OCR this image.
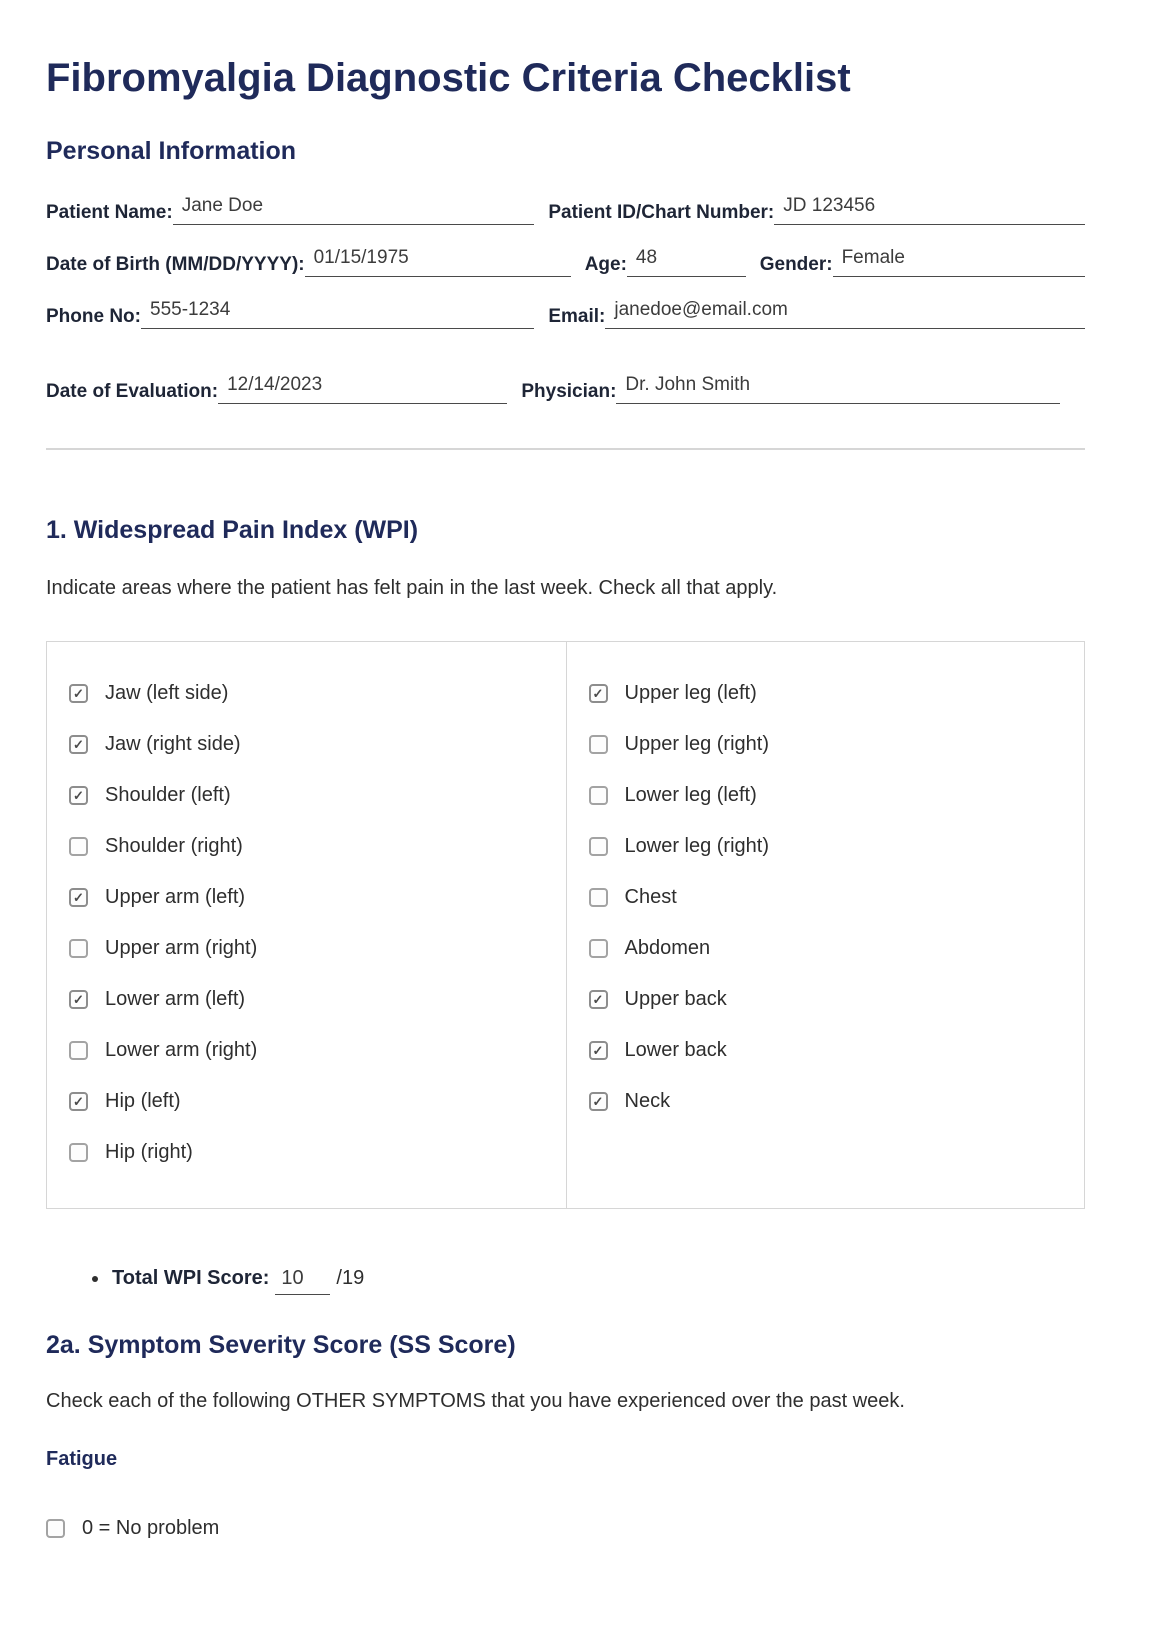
Fibromyalgia Diagnostic Criteria Checklist
Personal Information
Patient Name: Jane Doe	Patient ID/Chart Number: JD 123456
Date of Birth (MM/DD/YYYY): 01/15/1975	Age: 48	Gender: Female
Phone No: 555-1234	Email: janedoe@email.com
Date of Evaluation: 12/14/2023	Physician: Dr. John Smith
1. Widespread Pain Index (WPI)

Indicate areas where the patient has felt pain in the last week. Check all that apply.

✓
Jaw (left side)
✓
Jaw (right side)
✓
Shoulder (left)
Shoulder (right)
✓
Upper arm (left)
Upper arm (right)
✓
Lower arm (left)
Lower arm (right)
✓
Hip (left)
Hip (right)
✓
Upper leg (left)
Upper leg (right)
Lower leg (left)
Lower leg (right)
Chest
Abdomen
✓
Upper back
✓
Lower back
✓
Neck
• Total WPI Score: 10 /19
2a. Symptom Severity Score (SS Score)

Check each of the following OTHER SYMPTOMS that you have experienced over the past week.

Fatigue
0 = No problem
